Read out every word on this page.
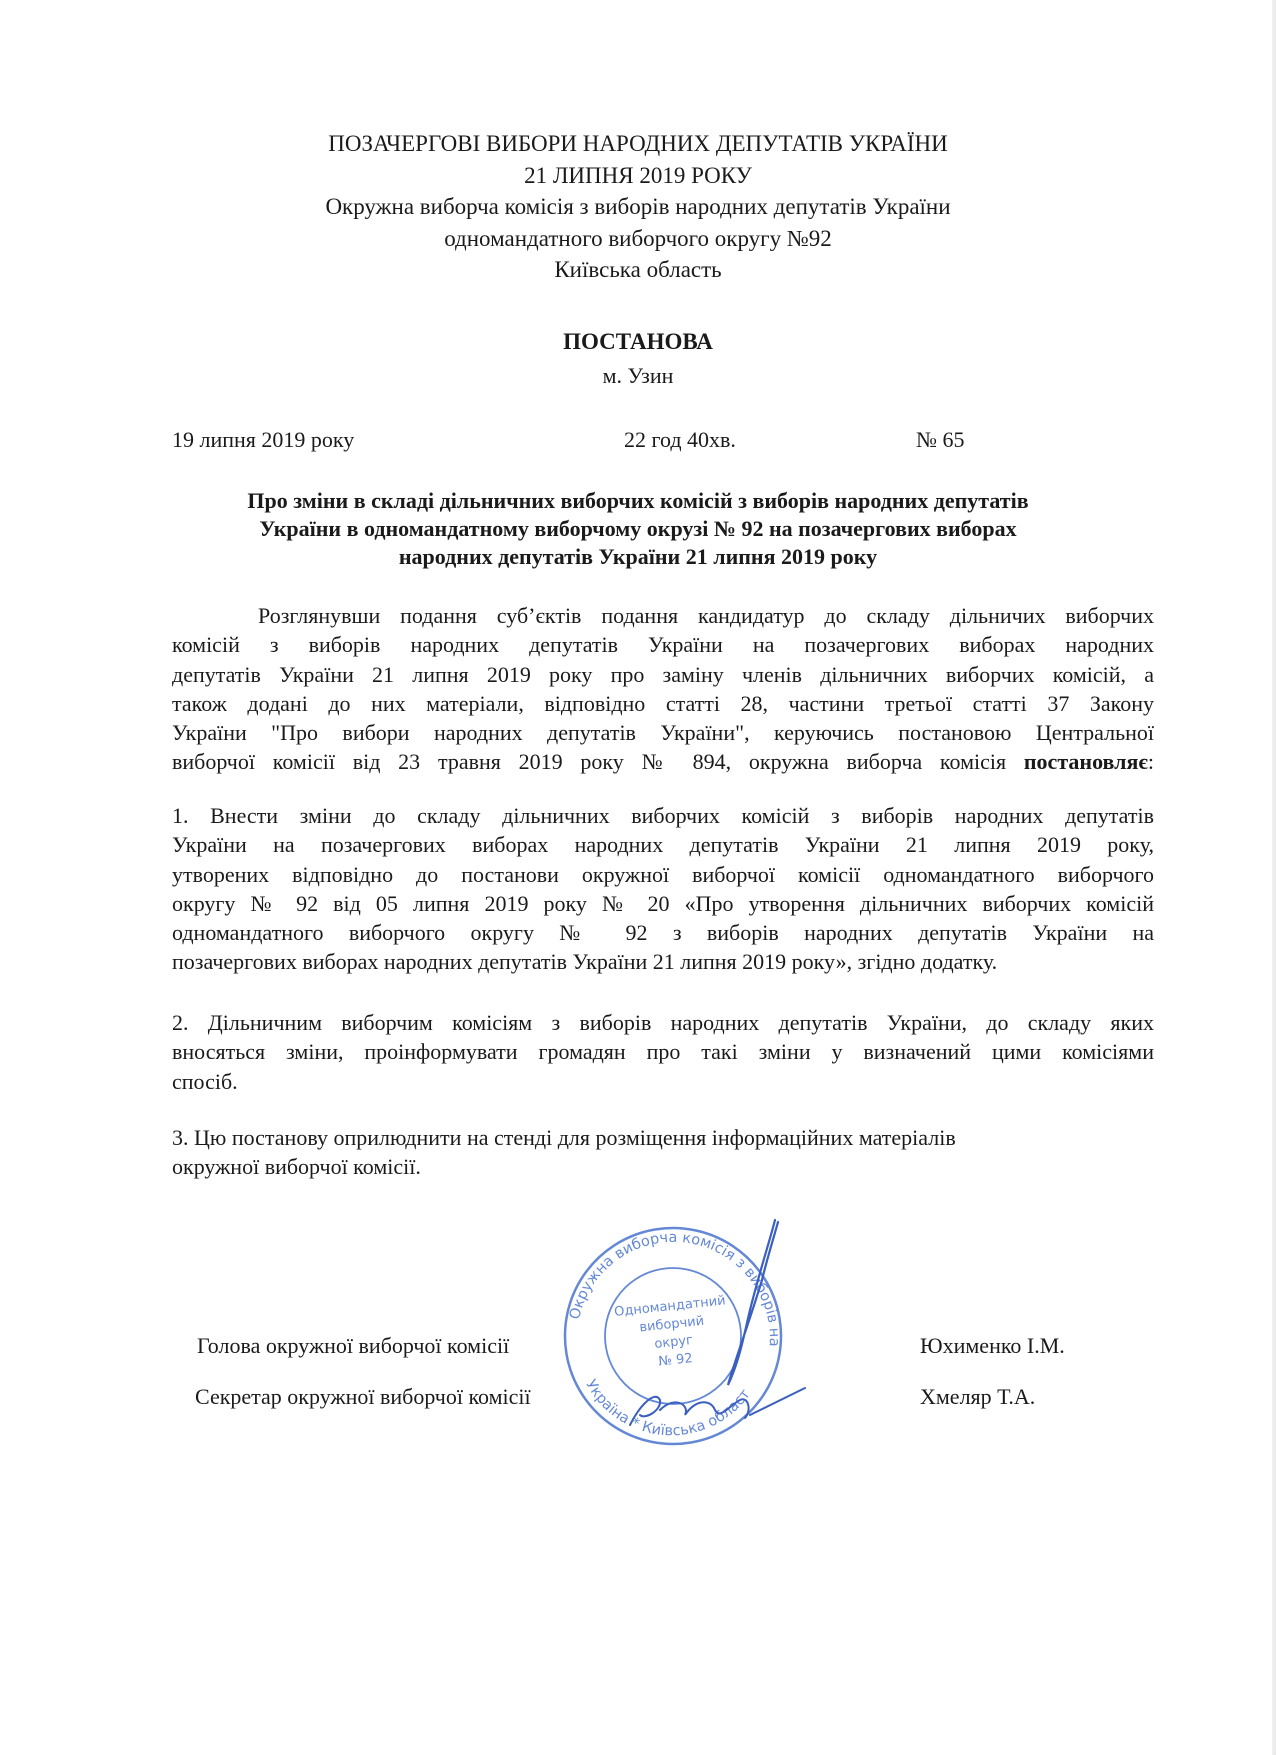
ПОЗАЧЕРГОВІ ВИБОРИ НАРОДНИХ ДЕПУТАТІВ УКРАЇНИ
21 ЛИПНЯ 2019 РОКУ
Окружна виборча комісія з виборів народних депутатів України
одномандатного виборчого округу №92
Київська область
ПОСТАНОВА
м. Узин
19 липня 2019 року	22 год 40хв.	№ 65
Про зміни в складі дільничних виборчих комісій з виборів народних депутатів
України в одномандатному виборчому окрузі № 92 на позачергових виборах
народних депутатів України 21 липня 2019 року
Розглянувши подання суб’єктів подання кандидатур до складу дільничих виборчих
комісій з виборів народних депутатів України на позачергових виборах народних
депутатів України 21 липня 2019 року про заміну членів дільничних виборчих комісій, а
також додані до них матеріали, відповідно статті 28, частини третьої статті 37 Закону
України "Про вибори народних депутатів України", керуючись постановою Центральної
виборчої комісії від 23 травня 2019 року № 894, окружна виборча комісія постановляє:
1. Внести зміни до складу дільничних виборчих комісій з виборів народних депутатів
України на позачергових виборах народних депутатів України 21 липня 2019 року,
утворених відповідно до постанови окружної виборчої комісії одномандатного виборчого
округу № 92 від 05 липня 2019 року № 20 «Про утворення дільничних виборчих комісій
одномандатного виборчого округу № 92 з виборів народних депутатів України на
позачергових виборах народних депутатів України 21 липня 2019 року», згідно додатку.
2. Дільничним виборчим комісіям з виборів народних депутатів України, до складу яких
вносяться зміни, проінформувати громадян про такі зміни у визначений цими комісіями
спосіб.
3. Цю постанову оприлюднити на стенді для розміщення інформаційних матеріалів
окружної виборчої комісії.
Голова окружної виборчої комісії
Секретар окружної виборчої комісії
Юхименко І.М.
Хмеляр Т.А.
Окружна виборча комісія з виборів народних
Україна * Київська область
Одномандатний
виборчий
округ
№ 92
